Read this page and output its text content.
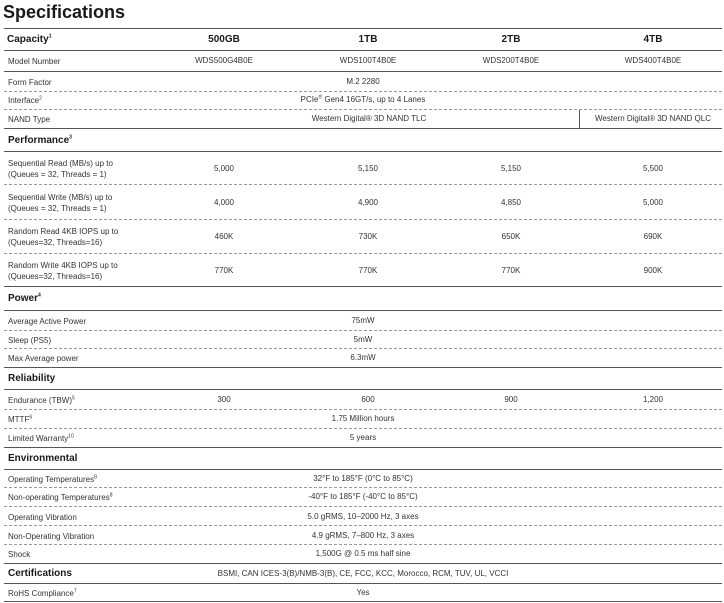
Specifications
Capacity$^1$	500GB	1TB	2TB	4TB
Model Number	WDS500G4B0E	WDS100T4B0E	WDS200T4B0E	WDS400T4B0E
Form Factor	M.2 2280
Interface$^2$	PCIe® Gen4 16GT/s, up to 4 Lanes
NAND Type	Western Digital® 3D NAND TLC	Western Digital® 3D NAND QLC
Performance$^3$
Sequential Read (MB/s) up to
(Queues = 32, Threads = 1)
5,000	5,150	5,150	5,500
Sequential Write (MB/s) up to
(Queues = 32, Threads = 1)
4,000	4,900	4,850	5,000
Random Read 4KB IOPS up to
(Queues=32, Threads=16)
460K	730K	650K	690K
Random Write 4KB IOPS up to
(Queues=32, Threads=16)
770K	770K	770K	900K
Power$^4$
Average Active Power	75mW
Sleep (PS5)	5mW
Max Average power	6.3mW
Reliability
Endurance (TBW)$^5$	300	600	900	1,200
MTTF$^6$	1.75 Million hours
Limited Warranty$^{10}$	5 years
Environmental
Operating Temperatures$^8$	32°F to 185°F (0°C to 85°C)
Non-operating Temperatures$^8$	-40°F to 185°F (-40°C to 85°C)
Operating Vibration	5.0 gRMS, 10–2000 Hz, 3 axes
Non-Operating Vibration	4.9 gRMS, 7–800 Hz, 3 axes
Shock	1,500G @ 0.5 ms half sine
Certifications	BSMI, CAN ICES-3(B)/NMB-3(B), CE, FCC, KCC, Morocco, RCM, TUV, UL, VCCI
RoHS Compliance$^7$	Yes
